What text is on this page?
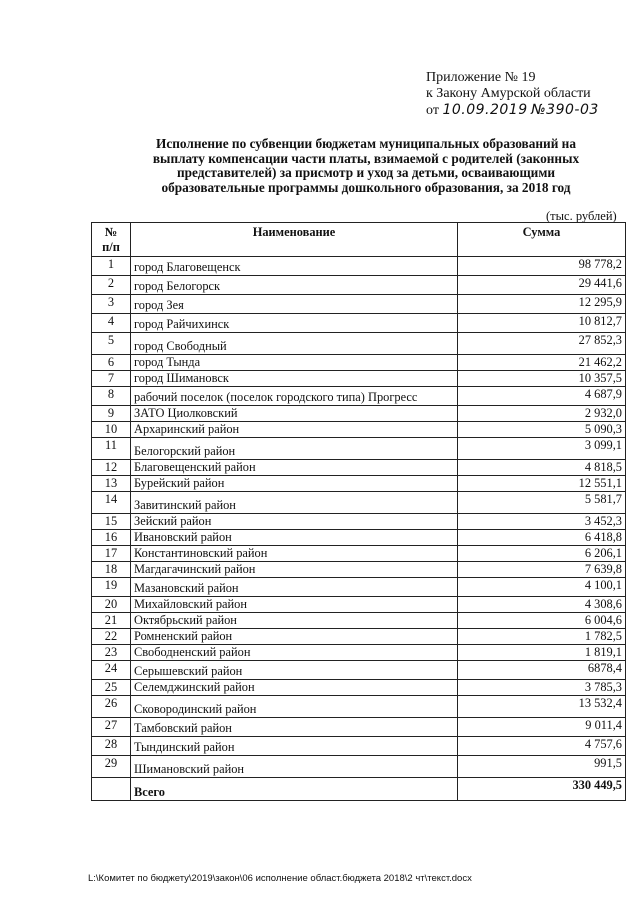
Приложение № 19
к Закону Амурской области
от 10.09.2019 №390-03
Исполнение по субвенции бюджетам муниципальных образований на
выплату компенсации части платы, взимаемой с родителей (законных
представителей) за присмотр и уход за детьми, осваивающими
образовательные программы дошкольного образования, за 2018 год
(тыс. рублей)
№
п/п	Наименование	Сумма
1	город Благовещенск	98 778,2
2	город Белогорск	29 441,6
3	город Зея	12 295,9
4	город Райчихинск	10 812,7
5	город Свободный	27 852,3
6	город Тында	21 462,2
7	город Шимановск	10 357,5
8	рабочий поселок (поселок городского типа) Прогресс	4 687,9
9	ЗАТО Циолковский	2 932,0
10	Архаринский район	5 090,3
11	Белогорский район	3 099,1
12	Благовещенский район	4 818,5
13	Бурейский район	12 551,1
14	Завитинский район	5 581,7
15	Зейский район	3 452,3
16	Ивановский район	6 418,8
17	Константиновский район	6 206,1
18	Магдагачинский район	7 639,8
19	Мазановский район	4 100,1
20	Михайловский район	4 308,6
21	Октябрьский район	6 004,6
22	Ромненский район	1 782,5
23	Свободненский район	1 819,1
24	Серышевский район	6878,4
25	Селемджинский район	3 785,3
26	Сковородинский район	13 532,4
27	Тамбовский район	9 011,4
28	Тындинский район	4 757,6
29	Шимановский район	991,5
	Всего	330 449,5
L:\Комитет по бюджету\2019\закон\06 исполнение област.бюджета 2018\2 чт\текст.docx
